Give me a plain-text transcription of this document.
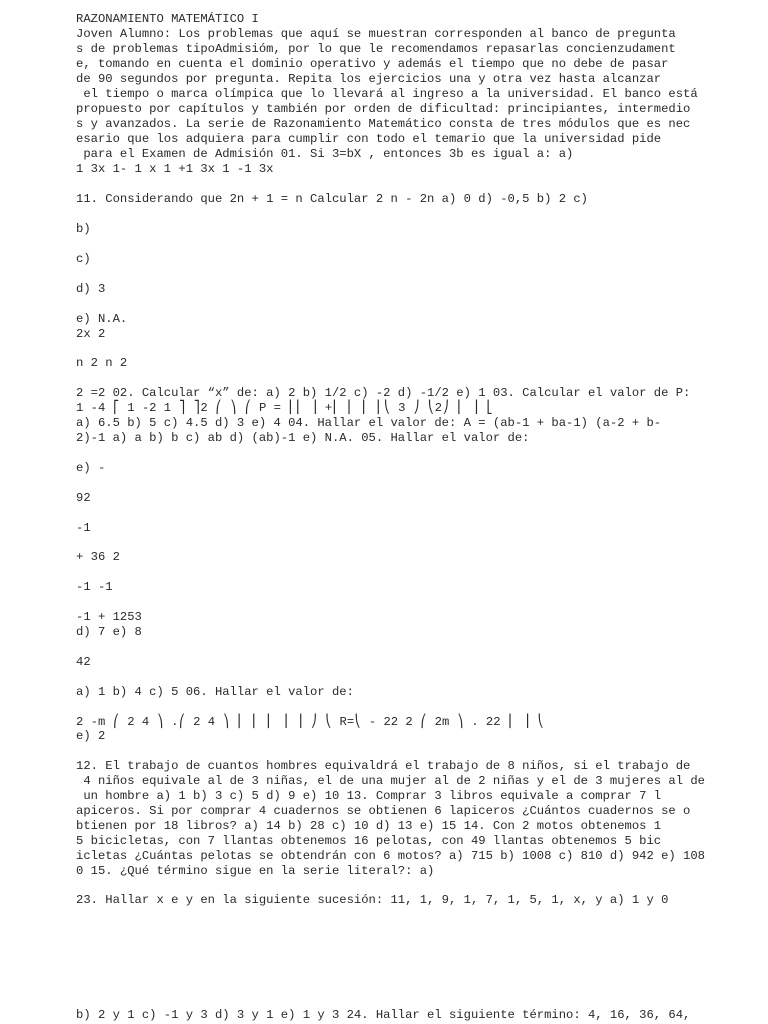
RAZONAMIENTO MATEMÁTICO I
Joven Alumno: Los problemas que aquí se muestran corresponden al banco de pregunta
s de problemas tipoAdmisióm, por lo que le recomendamos repasarlas concienzudament
e, tomando en cuenta el dominio operativo y además el tiempo que no debe de pasar
de 90 segundos por pregunta. Repita los ejercicios una y otra vez hasta alcanzar
el tiempo o marca olímpica que lo llevará al ingreso a la universidad. El banco está
propuesto por capítulos y también por orden de dificultad: principiantes, intermedio
s y avanzados. La serie de Razonamiento Matemático consta de tres módulos que es nec
esario que los adquiera para cumplir con todo el temario que la universidad pide
para el Examen de Admisión 01. Si 3=bX , entonces 3b es igual a: a)
1 3x 1- 1 x 1 +1 3x 1 -1 3x
11. Considerando que 2n + 1 = n Calcular 2 n - 2n a) 0 d) -0,5 b) 2 c)
b)
c)
d) 3
e) N.A.
2x 2
n 2 n 2
2 =2 02. Calcular “x” de: a) 2 b) 1/2 c) -2 d) -1/2 e) 1 03. Calcular el valor de P:
1 -4 ⎡ 1 -2 1 ⎤ ⎤2 ⎛ ⎞ ⎛ P = ⎢⎢ ⎥ +⎢ ⎢ ⎢ ⎢⎝ 3 ⎠ ⎝2⎠ ⎢ ⎥ ⎣
a) 6.5 b) 5 c) 4.5 d) 3 e) 4 04. Hallar el valor de: A = (ab-1 + ba-1) (a-2 + b-
2)-1 a) a b) b c) ab d) (ab)-1 e) N.A. 05. Hallar el valor de:
e) -
92
-1
+ 36 2
-1 -1
-1 + 1253
d) 7 e) 8
42
a) 1 b) 4 c) 5 06. Hallar el valor de:
2 -m ⎛ 2 4 ⎞ .⎛ 2 4 ⎞ ⎢ ⎢ ⎢ ⎥ ⎥ ⎠ ⎝ R=⎝ - 22 2 ⎛ 2m ⎞ . 22 ⎢ ⎥ ⎝
e) 2
12. El trabajo de cuantos hombres equivaldrá el trabajo de 8 niños, si el trabajo de
4 niños equivale al de 3 niñas, el de una mujer al de 2 niñas y el de 3 mujeres al de
un hombre a) 1 b) 3 c) 5 d) 9 e) 10 13. Comprar 3 libros equivale a comprar 7 l
apiceros. Si por comprar 4 cuadernos se obtienen 6 lapiceros ¿Cuántos cuadernos se o
btienen por 18 libros? a) 14 b) 28 c) 10 d) 13 e) 15 14. Con 2 motos obtenemos 1
5 bicicletas, con 7 llantas obtenemos 16 pelotas, con 49 llantas obtenemos 5 bic
icletas ¿Cuántas pelotas se obtendrán con 6 motos? a) 715 b) 1008 c) 810 d) 942 e) 108
0 15. ¿Qué término sigue en la serie literal?: a)
23. Hallar x e y en la siguiente sucesión: 11, 1, 9, 1, 7, 1, 5, 1, x, y a) 1 y 0
b) 2 y 1 c) -1 y 3 d) 3 y 1 e) 1 y 3 24. Hallar el siguiente término: 4, 16, 36, 64,
